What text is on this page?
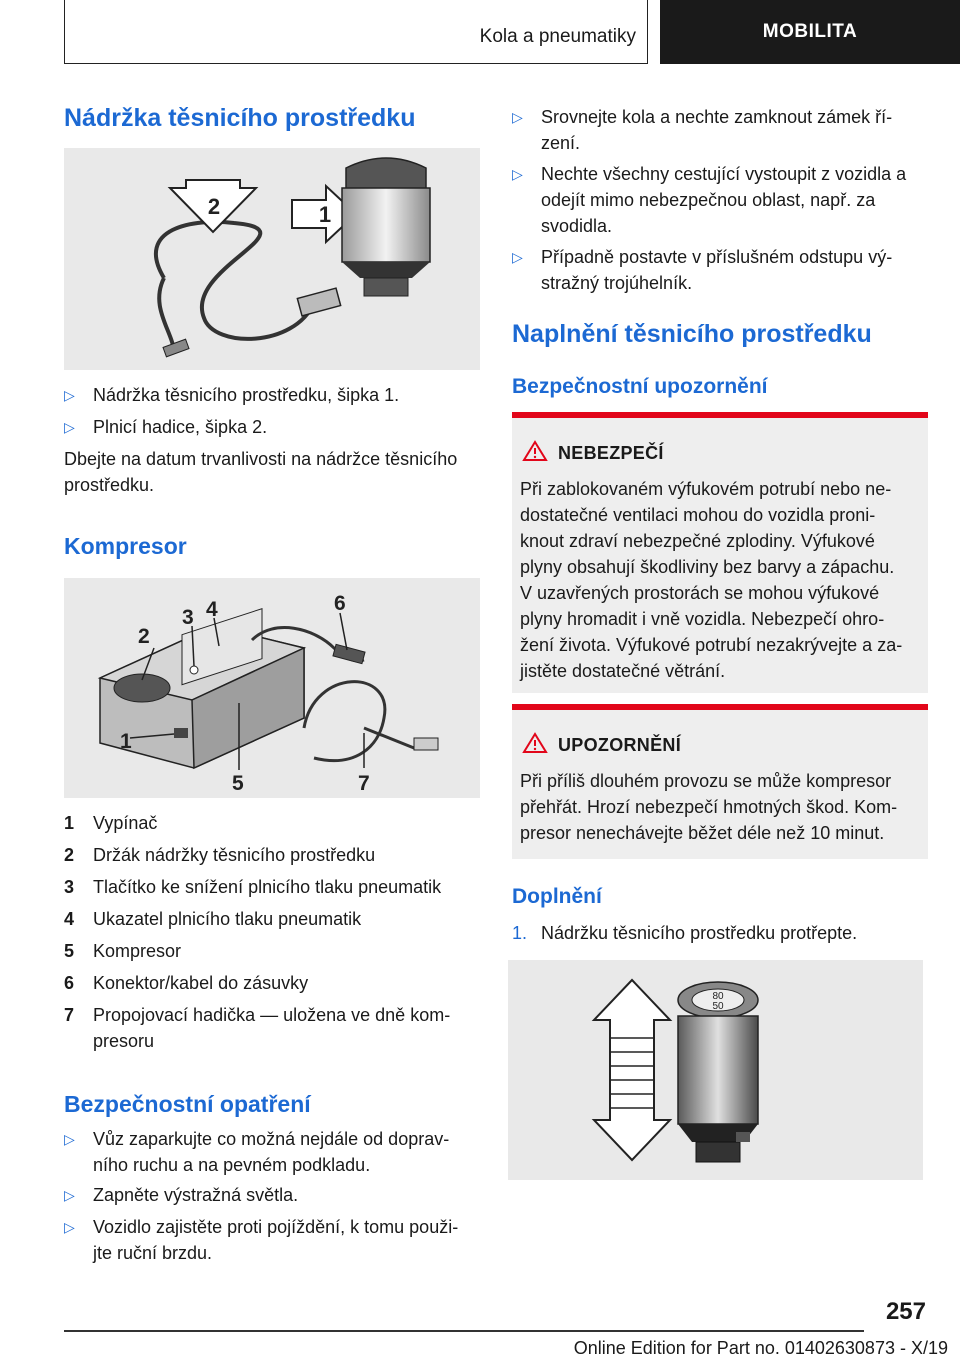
Kola a pneumatiky	MOBILITA
Nádržka těsnicího prostředku
2	1
▷	Nádržka těsnicího prostředku, šipka 1.
▷	Plnicí hadice, šipka 2.
Dbejte na datum trvanlivosti na nádržce těsnicího
prostředku.
Kompresor
1
2
3 4
5
6
7
1	Vypínač
2	Držák nádržky těsnicího prostředku
3	Tlačítko ke snížení plnicího tlaku pneumatik
4	Ukazatel plnicího tlaku pneumatik
5	Kompresor
6	Konektor/kabel do zásuvky
7	Propojovací hadička — uložena ve dně kom-
presoru
Bezpečnostní opatření
▷	Vůz zaparkujte co možná nejdále od doprav-
ního ruchu a na pevném podkladu.
▷	Zapněte výstražná světla.
▷	Vozidlo zajistěte proti pojíždění, k tomu použi-
jte ruční brzdu.
▷	Srovnejte kola a nechte zamknout zámek ří-
zení.
▷	Nechte všechny cestující vystoupit z vozidla a
odejít mimo nebezpečnou oblast, např. za
svodidla.
▷	Případně postavte v příslušném odstupu vý-
stražný trojúhelník.
Naplnění těsnicího prostředku
Bezpečnostní upozornění
NEBEZPEČÍ
Při zablokovaném výfukovém potrubí nebo ne-
dostatečné ventilaci mohou do vozidla proni-
knout zdraví nebezpečné zplodiny. Výfukové
plyny obsahují škodliviny bez barvy a zápachu.
V uzavřených prostorách se mohou výfukové
plyny hromadit i vně vozidla. Nebezpečí ohro-
žení života. Výfukové potrubí nezakrývejte a za-
jistěte dostatečné větrání.
UPOZORNĚNÍ
Při příliš dlouhém provozu se může kompresor
přehřát. Hrozí nebezpečí hmotných škod. Kom-
presor nenechávejte běžet déle než 10 minut.
Doplnění
1. Nádržku těsnicího prostředku protřepte.
80
50
257
Online Edition for Part no. 01402630873 - X/19
